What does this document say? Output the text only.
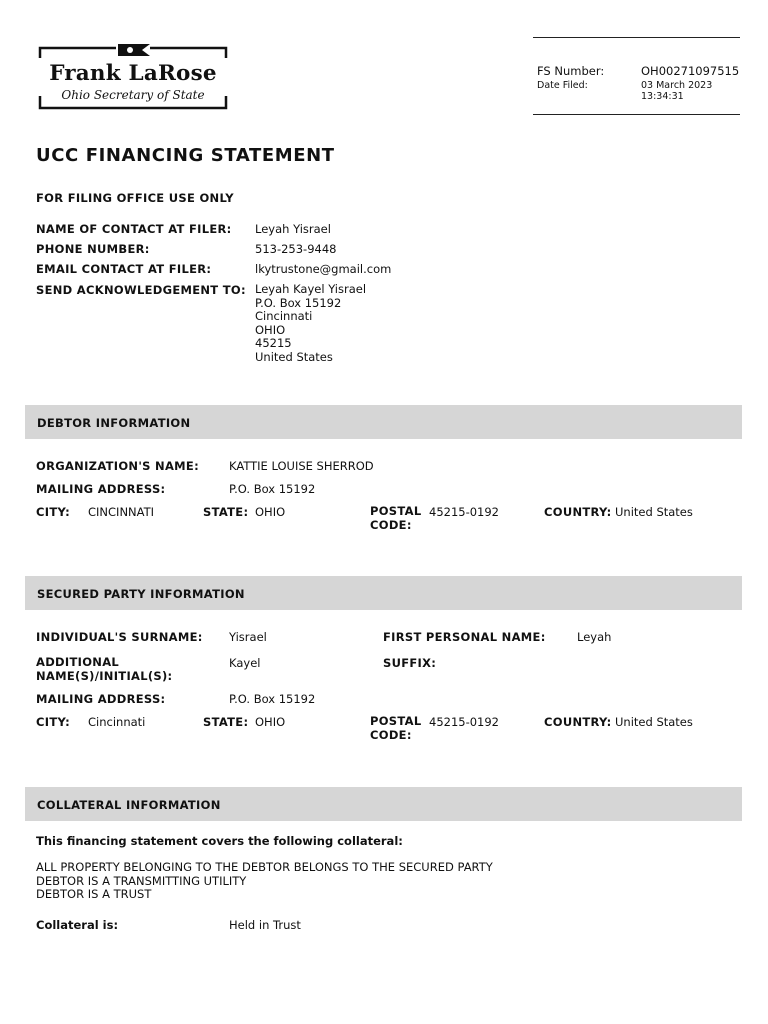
Frank LaRose
Ohio Secretary of State
FS Number:	OH00271097515
Date Filed:	03 March 2023
13:34:31
UCC FINANCING STATEMENT
FOR FILING OFFICE USE ONLY
NAME OF CONTACT AT FILER: Leyah Yisrael
PHONE NUMBER:	513-253-9448
EMAIL CONTACT AT FILER:	lkytrustone@gmail.com
SEND ACKNOWLEDGEMENT TO: Leyah Kayel Yisrael
P.O. Box 15192
Cincinnati
OHIO
45215
United States
DEBTOR INFORMATION
ORGANIZATION'S NAME:	KATTIE LOUISE SHERROD
MAILING ADDRESS:	P.O. Box 15192
CITY: CINCINNATI	STATE: OHIO	POSTAL
CODE:
45215-0192	COUNTRY: United States
SECURED PARTY INFORMATION
INDIVIDUAL'S SURNAME: Yisrael	FIRST PERSONAL NAME:	Leyah
ADDITIONAL
NAME(S)/INITIAL(S):
Kayel	SUFFIX:
MAILING ADDRESS:	P.O. Box 15192
CITY: Cincinnati	STATE: OHIO	POSTAL
CODE:
45215-0192	COUNTRY: United States
COLLATERAL INFORMATION
This financing statement covers the following collateral:
ALL PROPERTY BELONGING TO THE DEBTOR BELONGS TO THE SECURED PARTY
DEBTOR IS A TRANSMITTING UTILITY
DEBTOR IS A TRUST
Collateral is:	Held in Trust
